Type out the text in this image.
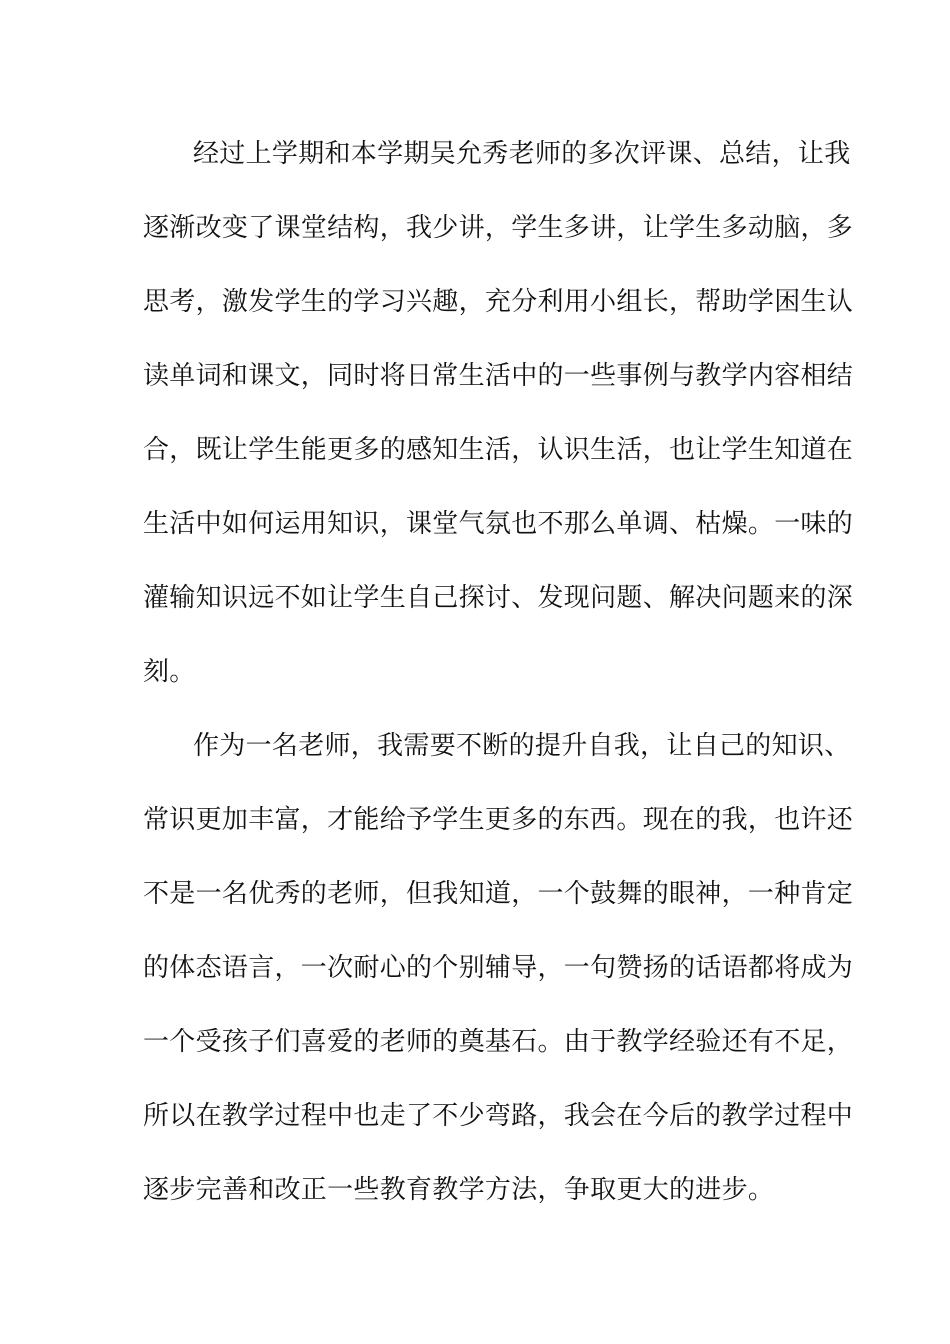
经过上学期和本学期吴允秀老师的多次评课、总结，让我
逐渐改变了课堂结构，我少讲，学生多讲，让学生多动脑，多
思考，激发学生的学习兴趣，充分利用小组长，帮助学困生认
读单词和课文，同时将日常生活中的一些事例与教学内容相结
合，既让学生能更多的感知生活，认识生活，也让学生知道在
生活中如何运用知识，课堂气氛也不那么单调、枯燥。一味的
灌输知识远不如让学生自己探讨、发现问题、解决问题来的深
刻。
作为一名老师，我需要不断的提升自我，让自己的知识、
常识更加丰富，才能给予学生更多的东西。现在的我，也许还
不是一名优秀的老师，但我知道，一个鼓舞的眼神，一种肯定
的体态语言，一次耐心的个别辅导，一句赞扬的话语都将成为
一个受孩子们喜爱的老师的奠基石。由于教学经验还有不足，
所以在教学过程中也走了不少弯路，我会在今后的教学过程中
逐步完善和改正一些教育教学方法，争取更大的进步。
